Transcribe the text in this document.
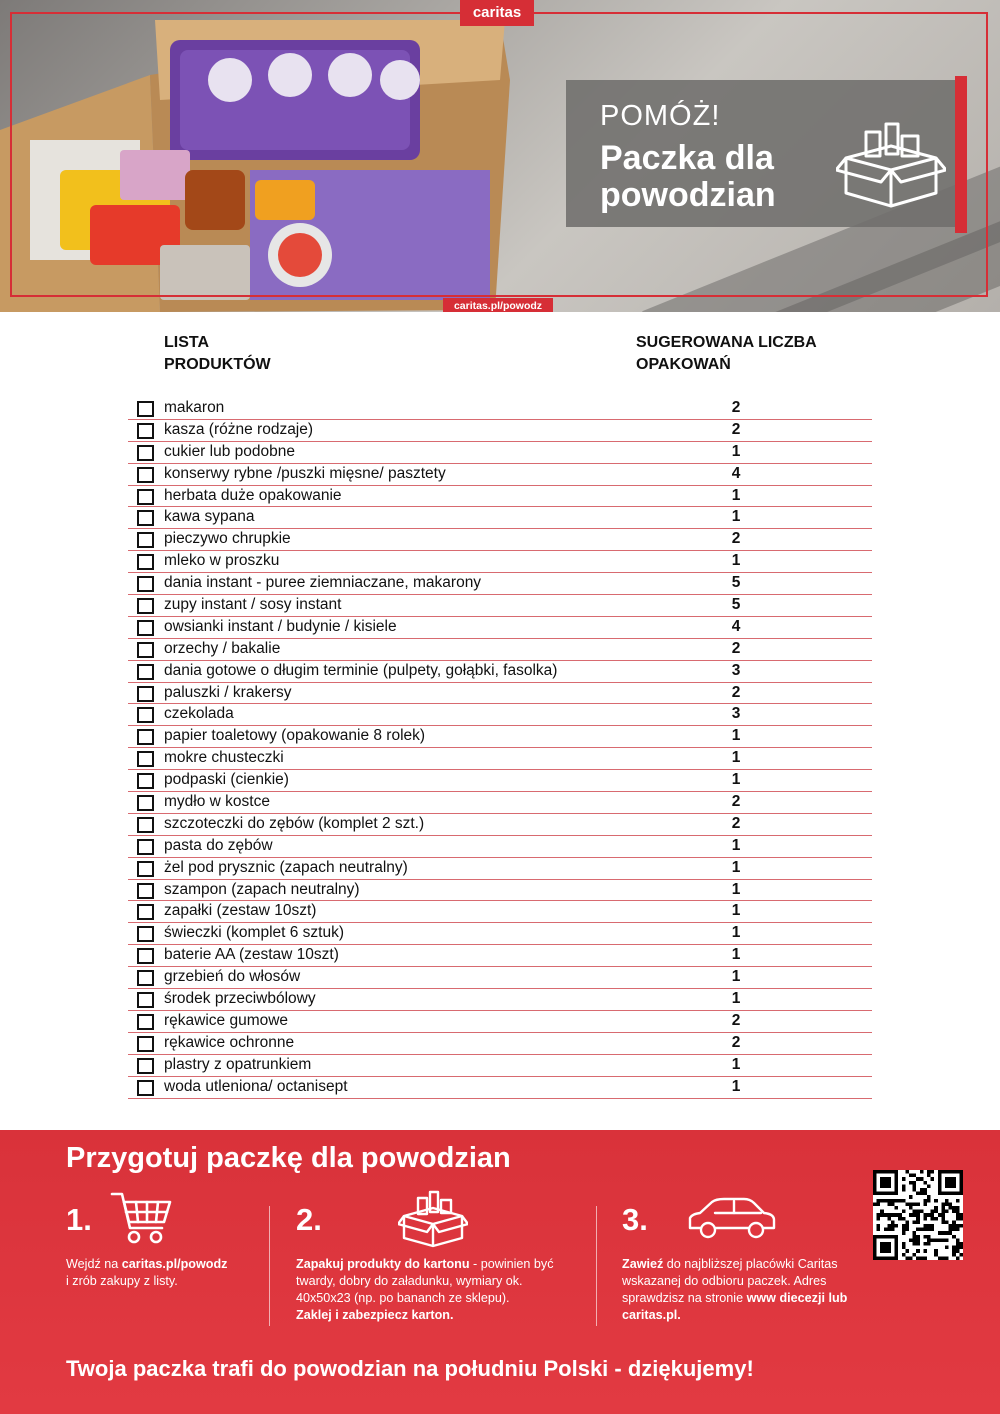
caritas
caritas.pl/powodz
POMÓŻ!
Paczka dla powodzian
LISTA
PRODUKTÓW
SUGEROWANA LICZBA
OPAKOWAŃ
makaron	2
kasza (różne rodzaje)	2
cukier lub podobne	1
konserwy rybne /puszki mięsne/ pasztety	4
herbata duże opakowanie	1
kawa sypana	1
pieczywo chrupkie	2
mleko w proszku	1
dania instant - puree ziemniaczane, makarony	5
zupy instant / sosy instant	5
owsianki instant / budynie / kisiele	4
orzechy / bakalie	2
dania gotowe o długim terminie (pulpety, gołąbki, fasolka)	3
paluszki / krakersy	2
czekolada	3
papier toaletowy (opakowanie 8 rolek)	1
mokre chusteczki	1
podpaski (cienkie)	1
mydło w kostce	2
szczoteczki do zębów (komplet 2 szt.)	2
pasta do zębów	1
żel pod prysznic (zapach neutralny)	1
szampon (zapach neutralny)	1
zapałki (zestaw 10szt)	1
świeczki (komplet 6 sztuk)	1
baterie AA (zestaw 10szt)	1
grzebień do włosów	1
środek przeciwbólowy	1
rękawice gumowe	2
rękawice ochronne	2
plastry z opatrunkiem	1
woda utleniona/ octanisept	1
Przygotuj paczkę dla powodzian
1.
Wejdź na caritas.pl/powodz
i zrób zakupy z listy.
2.
Zapakuj produkty do kartonu - powinien być twardy, dobry do załadunku, wymiary ok. 40x50x23 (np. po bananch ze sklepu).
Zaklej i zabezpiecz karton.
3.
Zawieź do najbliższej placówki Caritas wskazanej do odbioru paczek. Adres sprawdzisz na stronie www diecezji lub caritas.pl.
Twoja paczka trafi do powodzian na południu Polski - dziękujemy!
